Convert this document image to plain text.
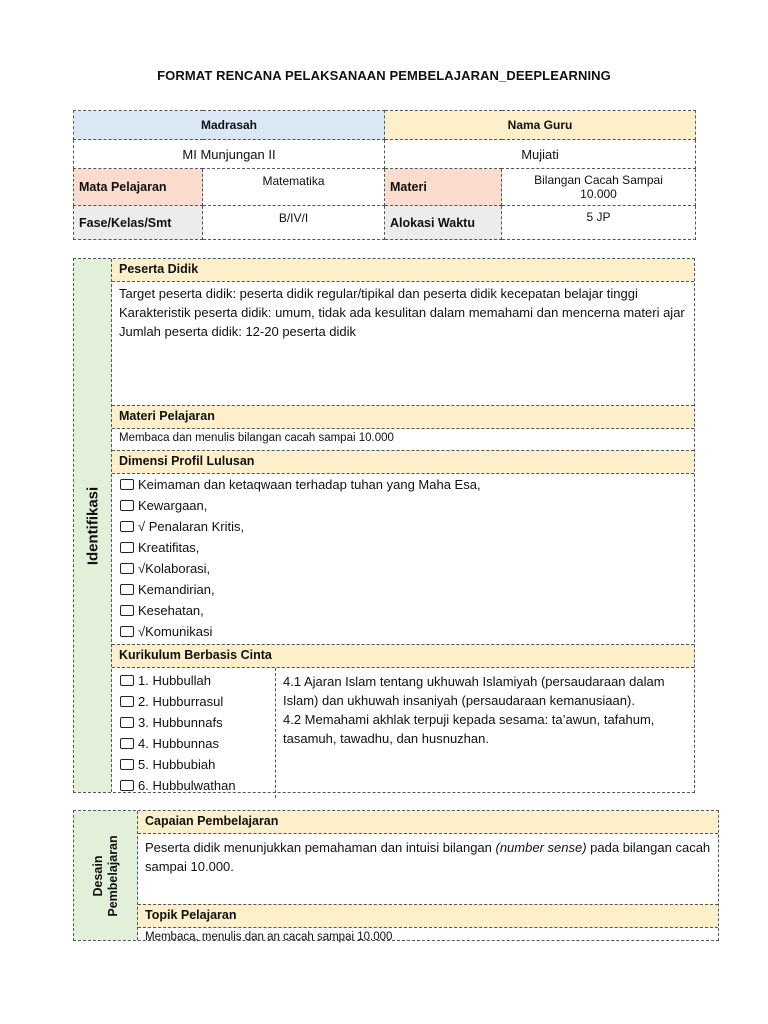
FORMAT RENCANA PELAKSANAAN PEMBELAJARAN_DEEPLEARNING
Madrasah		Nama Guru	
MI Munjungan II		Mujiati	
Mata Pelajaran	Matematika	Materi	Bilangan Cacah Sampai 10.000
Fase/Kelas/Smt	B/IV/I	Alokasi Waktu	5 JP
Identifikasi
Peserta Didik
Target peserta didik: peserta didik regular/tipikal dan peserta didik kecepatan belajar tinggi
Karakteristik peserta didik: umum, tidak ada kesulitan dalam memahami dan mencerna materi ajar
Jumlah peserta didik: 12-20 peserta didik
Materi Pelajaran
Membaca dan menulis bilangan cacah sampai 10.000
Dimensi Profil Lulusan
Keimaman dan ketaqwaan terhadap tuhan yang Maha Esa,
Kewargaan,
√ Penalaran Kritis,
Kreatifitas,
√Kolaborasi,
Kemandirian,
Kesehatan,
√Komunikasi
Kurikulum Berbasis Cinta
1. Hubbullah
2. Hubburrasul
3. Hubbunnafs
4. Hubbunnas
5. Hubbubiah
6. Hubbulwathan
4.1 Ajaran Islam tentang ukhuwah Islamiyah (persaudaraan dalam Islam) dan ukhuwah insaniyah (persaudaraan kemanusiaan).
4.2 Memahami akhlak terpuji kepada sesama: ta’awun, tafahum, tasamuh, tawadhu, dan husnuzhan.
Desain Pembelajaran
Capaian Pembelajaran
Peserta didik menunjukkan pemahaman dan intuisi bilangan (number sense) pada bilangan cacah sampai 10.000.
Topik Pelajaran
Membaca, menulis dan an cacah sampai 10.000
